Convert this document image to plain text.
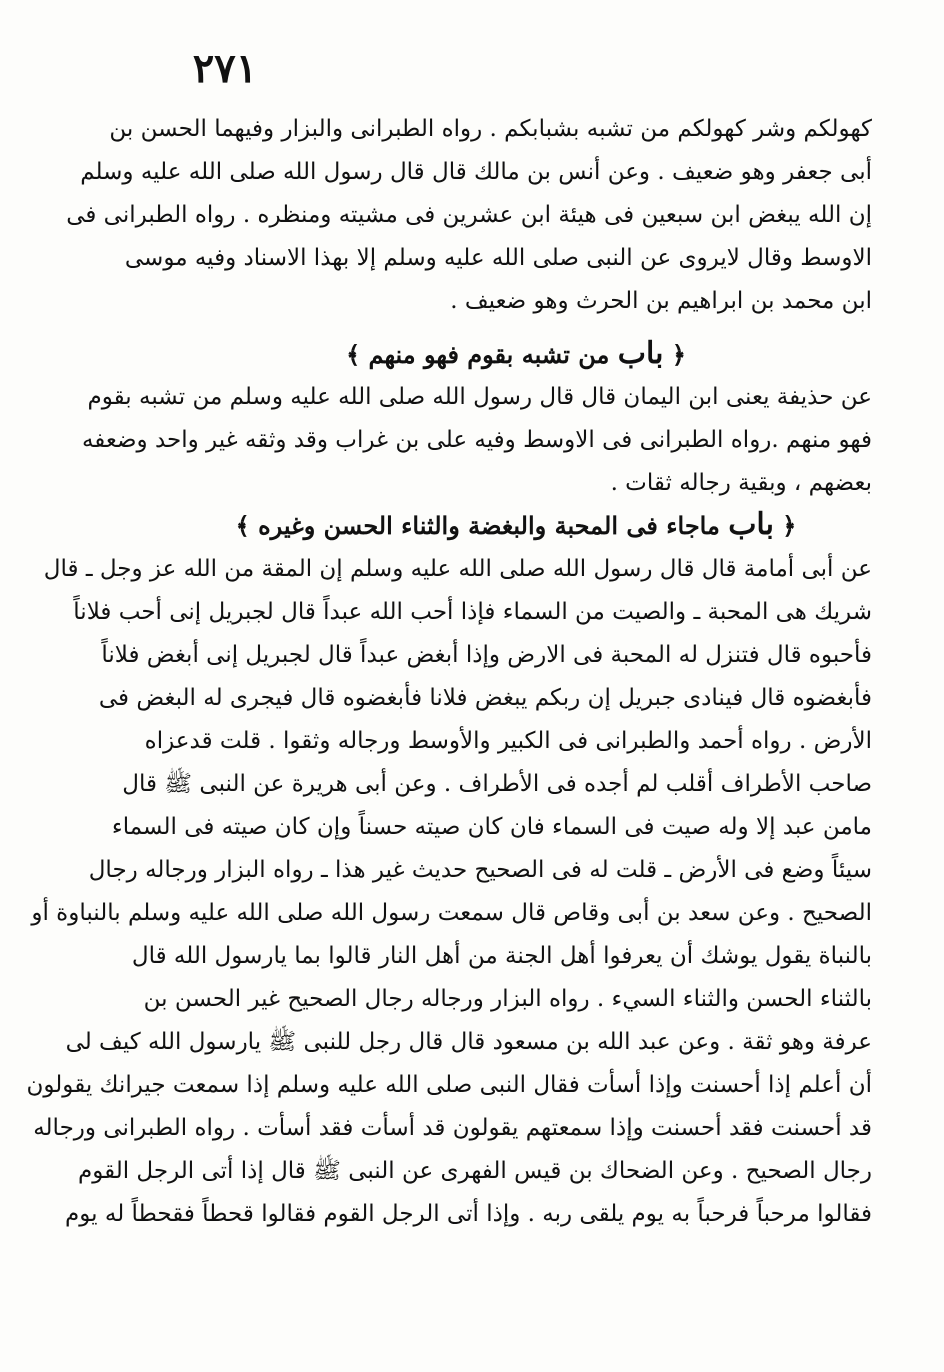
٢٧١
كهولكم وشر كهولكم من تشبه بشبابكم . رواه الطبرانى والبزار وفيهما الحسن بن
أبى جعفر وهو ضعيف . وعن أنس بن مالك قال قال رسول الله صلى الله عليه وسلم
إن الله يبغض ابن سبعين فى هيئة ابن عشرين فى مشيته ومنظره . رواه الطبرانى فى
الاوسط وقال لايروى عن النبى صلى الله عليه وسلم إلا بهذا الاسناد وفيه موسى
ابن محمد بن ابراهيم بن الحرث وهو ضعيف .
﴿ باب من تشبه بقوم فهو منهم ﴾
عن حذيفة يعنى ابن اليمان قال قال رسول الله صلى الله عليه وسلم من تشبه بقوم
فهو منهم .رواه الطبرانى فى الاوسط وفيه على بن غراب وقد وثقه غير واحد وضعفه
بعضهم ، وبقية رجاله ثقات .
﴿ باب ماجاء فى المحبة والبغضة والثناء الحسن وغيره ﴾
عن أبى أمامة قال قال رسول الله صلى الله عليه وسلم إن المقة من الله عز وجل ـ قال
شريك هى المحبة ـ والصيت من السماء فإذا أحب الله عبداً قال لجبريل إنى أحب فلاناً
فأحبوه قال فتنزل له المحبة فى الارض وإذا أبغض عبداً قال لجبريل إنى أبغض فلاناً
فأبغضوه قال فينادى جبريل إن ربكم يبغض فلانا فأبغضوه قال فيجرى له البغض فى
الأرض . رواه أحمد والطبرانى فى الكبير والأوسط ورجاله وثقوا . قلت قدعزاه
صاحب الأطراف أقلب لم أجده فى الأطراف . وعن أبى هريرة عن النبى ﷺ قال
مامن عبد إلا وله صيت فى السماء فان كان صيته حسناً وإن كان صيته فى السماء
سيئاً وضع فى الأرض ـ قلت له فى الصحيح حديث غير هذا ـ رواه البزار ورجاله رجال
الصحيح . وعن سعد بن أبى وقاص قال سمعت رسول الله صلى الله عليه وسلم بالنباوة أو
بالنباة يقول يوشك أن يعرفوا أهل الجنة من أهل النار قالوا بما يارسول الله قال
بالثناء الحسن والثناء السيء . رواه البزار ورجاله رجال الصحيح غير الحسن بن
عرفة وهو ثقة . وعن عبد الله بن مسعود قال قال رجل للنبى ﷺ يارسول الله كيف لى
أن أعلم إذا أحسنت وإذا أسأت فقال النبى صلى الله عليه وسلم إذا سمعت جيرانك يقولون
قد أحسنت فقد أحسنت وإذا سمعتهم يقولون قد أسأت فقد أسأت . رواه الطبرانى ورجاله
رجال الصحيح . وعن الضحاك بن قيس الفهرى عن النبى ﷺ قال إذا أتى الرجل القوم
فقالوا مرحباً فرحباً به يوم يلقى ربه . وإذا أتى الرجل القوم فقالوا قحطاً فقحطاً له يوم
